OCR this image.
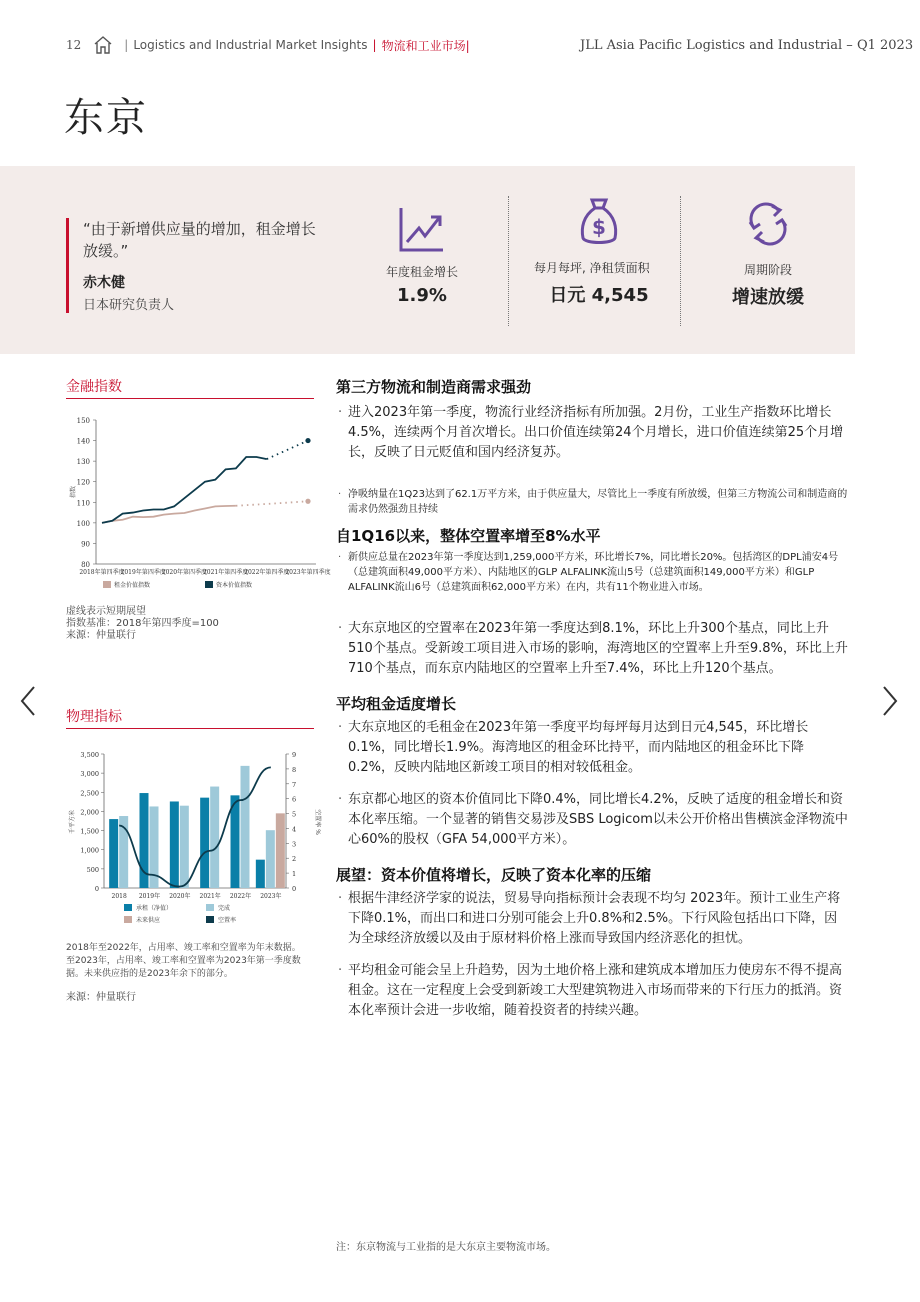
12	| Logistics and Industrial Market Insights | 物流和工业市场|	JLL Asia Pacific Logistics and Industrial – Q1 2023
东京
“由于新增供应量的增加，租金增长放缓。”
赤木健
日本研究负责人
年度租金增长
1.9%
$
每月每坪, 净租赁面积
日元 4,545
周期阶段
增速放缓
金融指数
80
90
100
110
120
130
140
150
指数
2018年第四季度
2019年第四季度
2020年第四季度
2021年第四季度
2022年第四季度
2023年第四季度
租金价值指数	资本价值指数
虚线表示短期展望
指数基准：2018年第四季度=100
来源：仲量联行
物理指标
0
500
1,000
1,500
2,000
2,500
3,000
3,500
0
1
2
3
4
5
6
7
8
9
千平方米	空置率 %
2018 2019年 2020年 2021年 2022年 2023年
承租（净值）	完成
未来供应	空置率
2018年至2022年，占用率、竣工率和空置率为年末数据。至2023年，占用率、竣工率和空置率为2023年第一季度数据。未来供应指的是2023年余下的部分。
来源：仲量联行
第三方物流和制造商需求强劲
· 进入2023年第一季度，物流行业经济指标有所加强。2月份，工业生产指数环比增长4.5%，连续两个月首次增长。出口价值连续第24个月增长，进口价值连续第25个月增长，反映了日元贬值和国内经济复苏。
· 净吸纳量在1Q23达到了62.1万平方米，由于供应量大，尽管比上一季度有所放缓，但第三方物流公司和制造商的需求仍然强劲且持续
自1Q16以来，整体空置率增至8%水平
· 新供应总量在2023年第一季度达到1,259,000平方米，环比增长7%，同比增长20%。包括湾区的DPL浦安4号（总建筑面积49,000平方米）、内陆地区的GLP ALFALINK流山5号（总建筑面积149,000平方米）和GLP ALFALINK流山6号（总建筑面积62,000平方米）在内，共有11个物业进入市场。
· 大东京地区的空置率在2023年第一季度达到8.1%，环比上升300个基点，同比上升510个基点。受新竣工项目进入市场的影响，海湾地区的空置率上升至9.8%，环比上升710个基点，而东京内陆地区的空置率上升至7.4%，环比上升120个基点。
平均租金适度增长
· 大东京地区的毛租金在2023年第一季度平均每坪每月达到日元4,545，环比增长0.1%，同比增长1.9%。海湾地区的租金环比持平，而内陆地区的租金环比下降0.2%，反映内陆地区新竣工项目的相对较低租金。
· 东京都心地区的资本价值同比下降0.4%，同比增长4.2%，反映了适度的租金增长和资本化率压缩。一个显著的销售交易涉及SBS Logicom以未公开价格出售横滨金泽物流中心60%的股权（GFA 54,000平方米）。
展望：资本价值将增长，反映了资本化率的压缩
· 根据牛津经济学家的说法，贸易导向指标预计会表现不均匀 2023年。预计工业生产将下降0.1%，而出口和进口分别可能会上升0.8%和2.5%。下行风险包括出口下降，因为全球经济放缓以及由于原材料价格上涨而导致国内经济恶化的担忧。
· 平均租金可能会呈上升趋势，因为土地价格上涨和建筑成本增加压力使房东不得不提高租金。这在一定程度上会受到新竣工大型建筑物进入市场而带来的下行压力的抵消。资本化率预计会进一步收缩，随着投资者的持续兴趣。
注：东京物流与工业指的是大东京主要物流市场。
